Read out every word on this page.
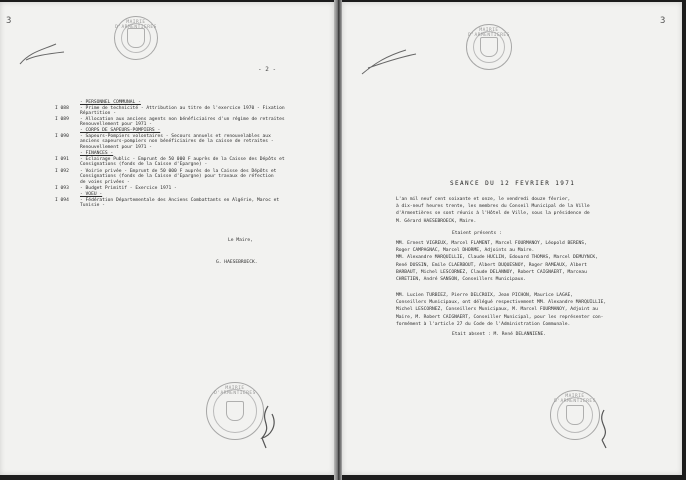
3	MAIRIE D'ARMENTIERES
- 2 -
- PERSONNEL COMMUNAL -
I 088 - Prime de technicité - Attribution au titre de l'exercice 1970 - Fixation
Répartition -
I 089 - Allocation aux anciens agents non bénéficiaires d'un régime de retraites
Renouvellement pour 1971 -
- CORPS DE SAPEURS-POMPIERS -
I 090 - Sapeurs-Pompiers volontaires - Secours annuels et renouvelables aux
anciens sapeurs-pompiers non bénéficiaires de la caisse de retraites -
Renouvellement pour 1971 -
- FINANCES -
I 091 - Eclairage Public - Emprunt de 50 000 F auprès de la Caisse des Dépôts et
Consignations (fonds de la Caisse d'Epargne) -
I 092 - Voirie privée - Emprunt de 50 000 F auprès de la Caisse des Dépôts et
Consignations (fonds de la Caisse d'Epargne) pour travaux de réfection
de voies privées -
I 093 - Budget Primitif - Exercice 1971 -
- VOEU -
I 094 - Fédération Départementale des Anciens Combattants en Algérie, Maroc et
Tunisie -
Le Maire,
G. HAESEBROECK.
MAIRIE D'ARMENTIERES
3
MAIRIE D'ARMENTIERES
MAIRIE D'ARMENTIERES
SEANCE DU 12 FEVRIER 1971
L'an mil neuf cent soixante et onze, le vendredi douze février,
à dix-neuf heures trente, les membres du Conseil Municipal de la Ville
d'Armentières se sont réunis à l'Hôtel de Ville, sous la présidence de
M. Gérard HAESEBROECK, Maire.
Etaient présents :
MM. Ernest VIGREUX, Marcel FLAMENT, Marcel FOURMANOY, Léopold BERENS,
Roger CAMPAGNAC, Marcel DHORME, Adjoints au Maire.
MM. Alexandre MARQUILLIE, Claude HUCLIN, Edouard THOMAS, Marcel DEMUYNCK,
René DUSSIN, Emile CLAERBOUT, Albert DUQUESNOY, Roger RAMEAUX, Albert
BARBAUT, Michel LESCORNEZ, Claude DELANNOY, Robert CAIGNAERT, Marceau
CHRETIEN, André SANSON, Conseillers Municipaux.
MM. Lucien TURBIEZ, Pierre DELCROIX, Jean PICHON, Maurice LAGAE,
Conseillers Municipaux, ont délégué respectivement MM. Alexandre MARQUILLIE,
Michel LESCORNEZ, Conseillers Municipaux, M. Marcel FOURMANOY, Adjoint au
Maire, M. Robert CAIGNAERT, Conseiller Municipal, pour les représenter con-
formément à l'article 27 du Code de l'Administration Communale.
Etait absent : M. René DELANNIENE.
